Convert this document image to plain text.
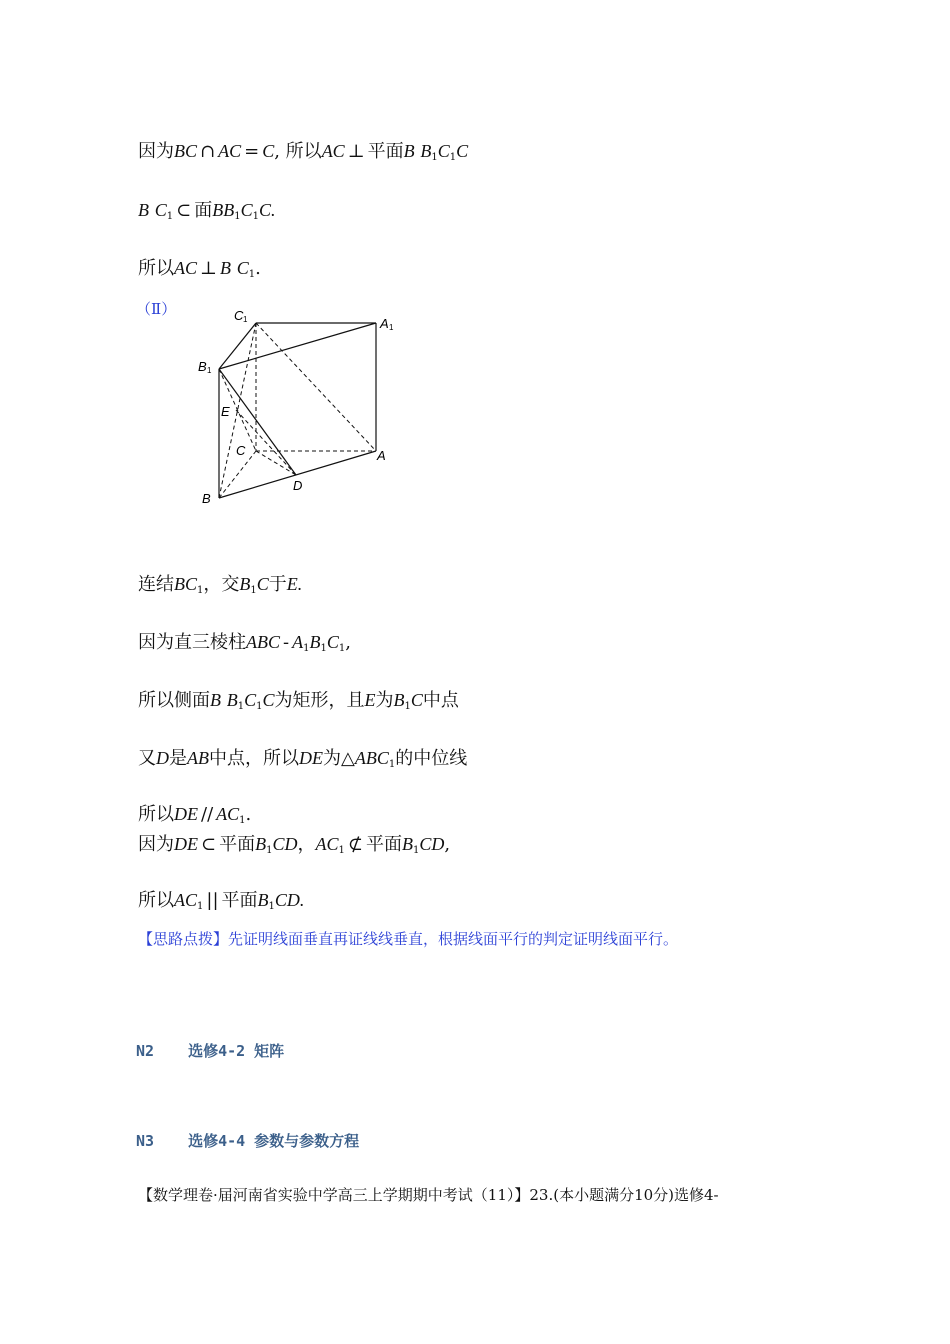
因为BC ∩ AC = C, 所以AC ⊥ 平面B $B_1C_1C$
B $C_1$ ⊂ 面$BB_1C_1C$.
所以AC ⊥ B $C_1$.
（Ⅱ）	C 1	A 1
B 1
E
C	A
D
B
连结$BC_1$，交$B_1C$于E.
因为直三棱柱ABC - $A_1B_1C_1$,
所以侧面B $B_1C_1C$为矩形，且E为$B_1C$中点
又D是AB中点，所以DE为$\triangle ABC_1$的中位线
所以DE // $AC_1$.
因为DE ⊂ 平面$B_1CD$，$AC_1$ ⊄ 平面$B_1CD$,
所以$AC_1$ || 平面$B_1CD$.
【思路点拨】先证明线面垂直再证线线垂直，根据线面平行的判定证明线面平行。
N2 选修4-2 矩阵
N3 选修4-4 参数与参数方程
【数学理卷·届河南省实验中学高三上学期期中考试（11）】23.(本小题满分10分)选修4-
